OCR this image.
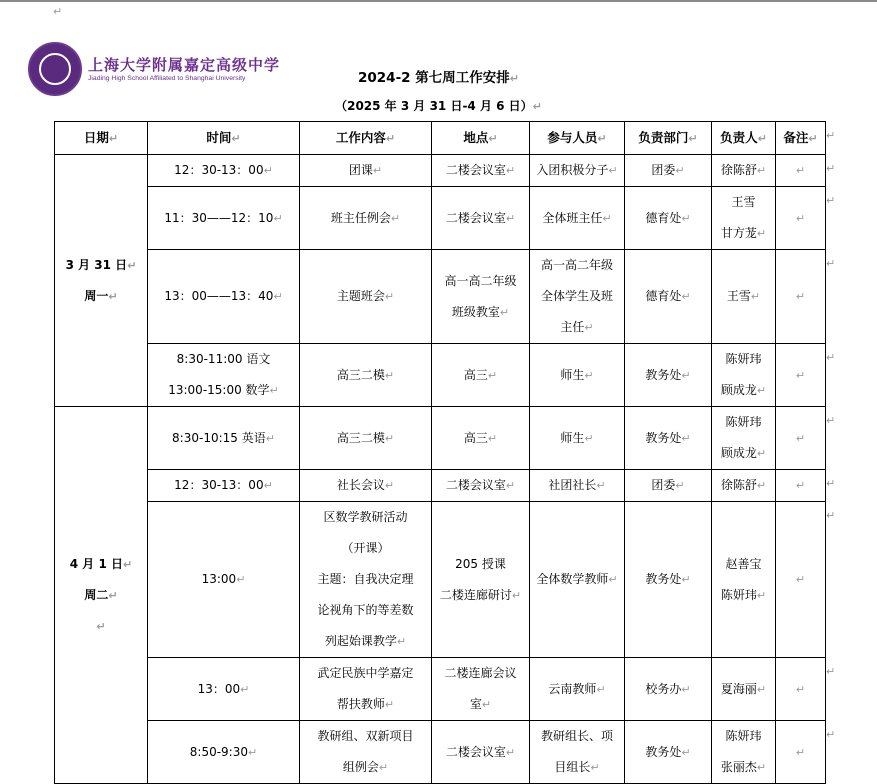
↵
上海大学附属嘉定高级中学
Jiading High School Affiliated to Shanghai University	2024-2 第七周工作安排↵
（2025 年 3 月 31 日-4 月 6 日）↵
日期↵	时间↵	工作内容↵	地点↵	参与人员↵	负责部门↵	负责人↵	备注↵

3 月 31 日↵
周一↵	12：30-13：00↵	团课↵	二楼会议室↵	入团积极分子↵	团委↵	徐陈舒↵	↵

	11：30——12：10↵	班主任例会↵	二楼会议室↵	全体班主任↵	德育处↵	王雪
甘方茏↵	↵

	13：00——13：40↵	主题班会↵	高一高二年级
班级教室↵	高一高二年级
全体学生及班
主任↵	德育处↵	王雪↵	↵

	8:30-11:00 语文
13:00-15:00 数学↵	高三二模↵	高三↵	师生↵	教务处↵	陈妍玮
顾成龙↵	↵

4 月 1 日↵
周二↵
↵	8:30-10:15 英语↵	高三二模↵	高三↵	师生↵	教务处↵	陈妍玮
顾成龙↵	↵

	12：30-13：00↵	社长会议↵	二楼会议室↵	社团社长↵	团委↵	徐陈舒↵	↵

	13:00↵	区数学教研活动
（开课）
主题：自我决定理
论视角下的等差数
列起始课教学↵	205 授课
二楼连廊研讨↵	全体数学教师↵	教务处↵	赵善宝
陈妍玮↵	↵

	13：00↵	武定民族中学嘉定
帮扶教师↵	二楼连廊会议
室↵	云南教师↵	校务办↵	夏海丽↵	↵

	8:50-9:30↵	教研组、双新项目
组例会↵	二楼会议室↵	教研组长、项
目组长↵	教务处↵	陈妍玮
张丽杰↵	↵
↵
↵
↵
↵
↵
↵
↵
↵
↵
↵
